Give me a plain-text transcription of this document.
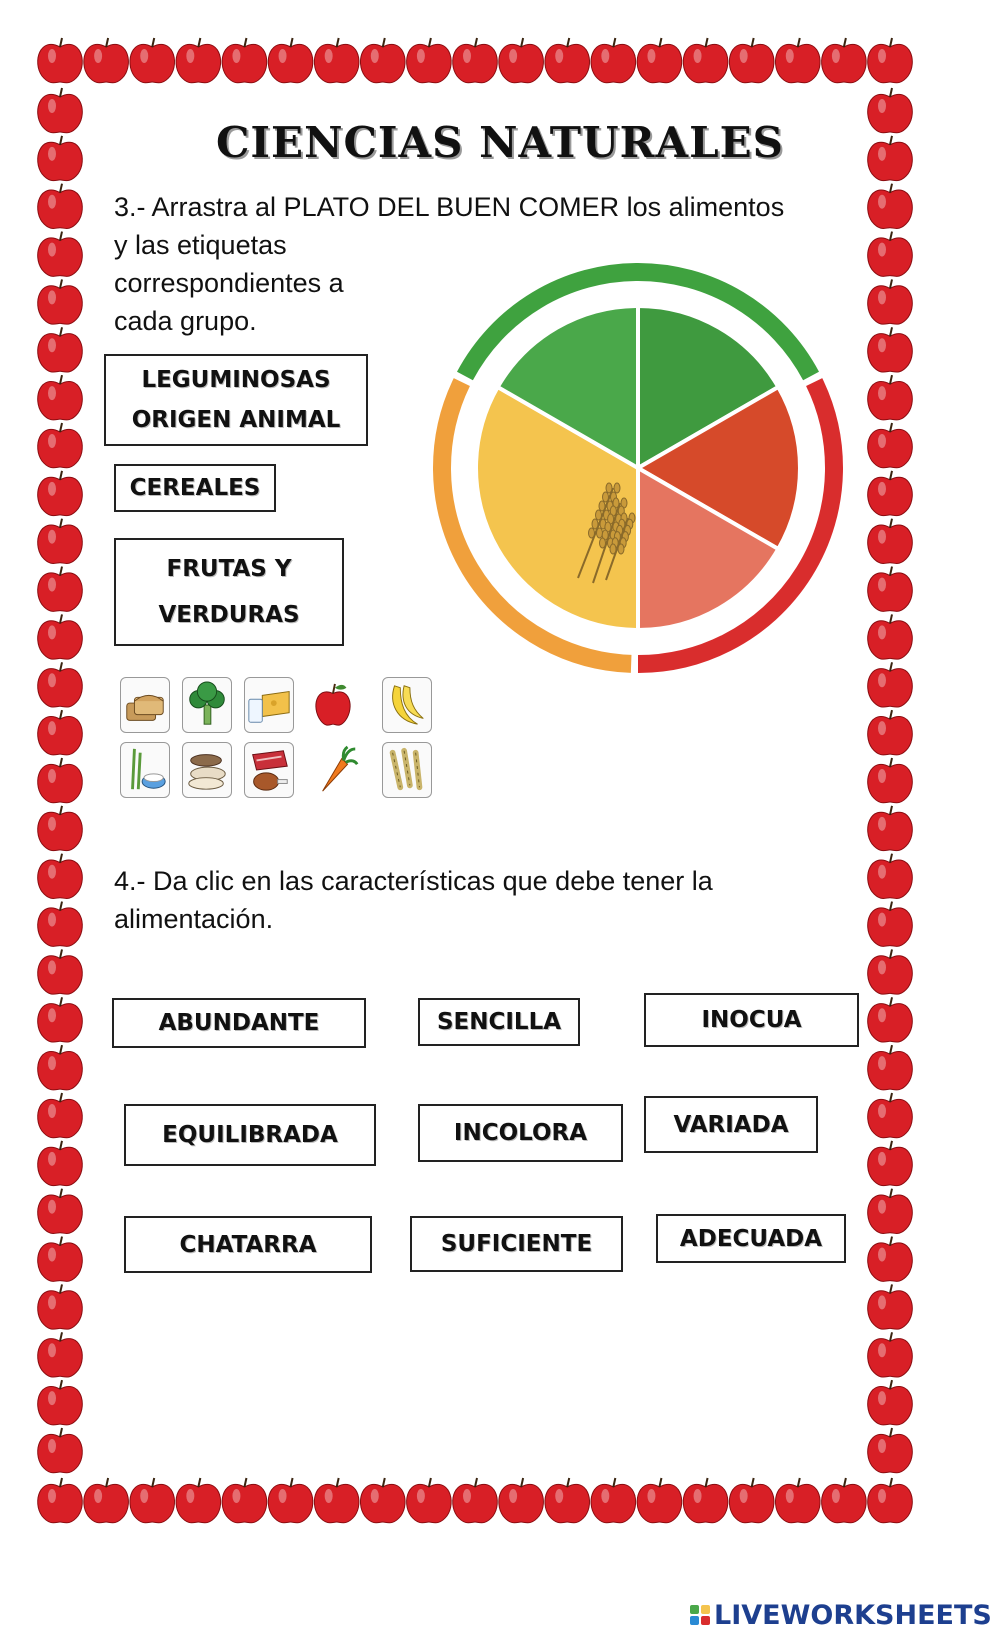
CIENCIAS NATURALES
3.- Arrastra al PLATO DEL BUEN COMER los alimentos
y las etiquetas
correspondientes a
cada grupo.
LEGUMINOSAS
ORIGEN ANIMAL
CEREALES
FRUTAS Y
VERDURAS
4.- Da clic en las características que debe tener la
alimentación.
ABUNDANTE	SENCILLA	INOCUA
EQUILIBRADA	INCOLORA	VARIADA
CHATARRA	SUFICIENTE	ADECUADA
LIVEWORKSHEETS
